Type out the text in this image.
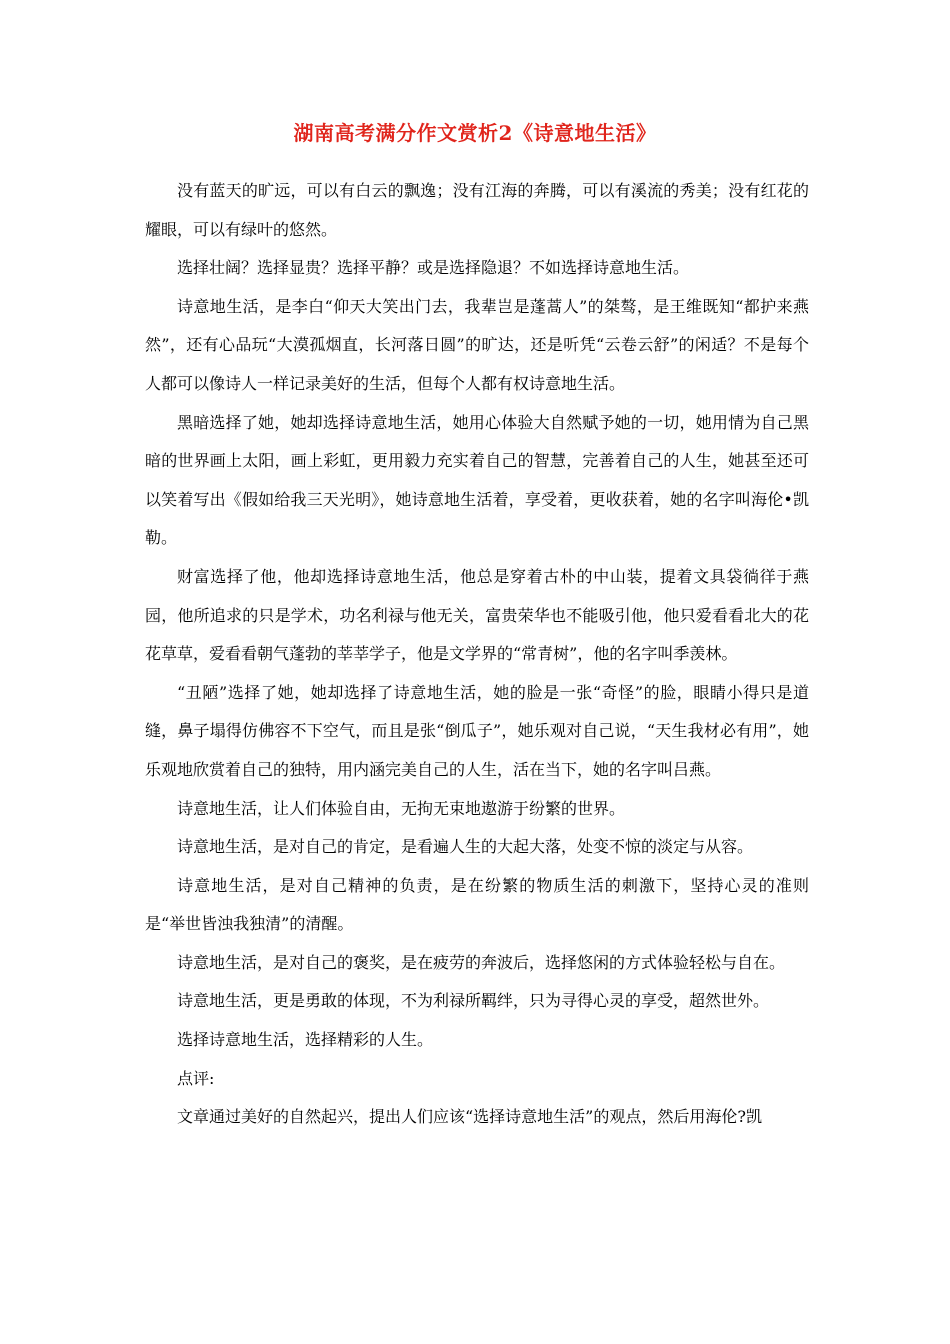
湖南高考满分作文赏析2《诗意地生活》

没有蓝天的旷远，可以有白云的飘逸；没有江海的奔腾，可以有溪流的秀美；没有红花的耀眼，可以有绿叶的悠然。

选择壮阔？选择显贵？选择平静？或是选择隐退？不如选择诗意地生活。

诗意地生活，是李白“仰天大笑出门去，我辈岂是蓬蒿人”的桀骜，是王维既知“都护来燕然”，还有心品玩“大漠孤烟直，长河落日圆”的旷达，还是听凭“云卷云舒”的闲适？不是每个人都可以像诗人一样记录美好的生活，但每个人都有权诗意地生活。

黑暗选择了她，她却选择诗意地生活，她用心体验大自然赋予她的一切，她用情为自己黑暗的世界画上太阳，画上彩虹，更用毅力充实着自己的智慧，完善着自己的人生，她甚至还可以笑着写出《假如给我三天光明》，她诗意地生活着，享受着，更收获着，她的名字叫海伦•凯勒。

财富选择了他，他却选择诗意地生活，他总是穿着古朴的中山装，提着文具袋徜徉于燕园，他所追求的只是学术，功名利禄与他无关，富贵荣华也不能吸引他，他只爱看看北大的花花草草，爱看看朝气蓬勃的莘莘学子，他是文学界的“常青树”，他的名字叫季羡林。

“丑陋”选择了她，她却选择了诗意地生活，她的脸是一张“奇怪”的脸，眼睛小得只是道缝，鼻子塌得仿佛容不下空气，而且是张“倒瓜子”，她乐观对自己说，“天生我材必有用”，她乐观地欣赏着自己的独特，用内涵完美自己的人生，活在当下，她的名字叫吕燕。

诗意地生活，让人们体验自由，无拘无束地遨游于纷繁的世界。

诗意地生活，是对自己的肯定，是看遍人生的大起大落，处变不惊的淡定与从容。

诗意地生活，是对自己精神的负责，是在纷繁的物质生活的刺激下，坚持心灵的准则是“举世皆浊我独清”的清醒。

诗意地生活，是对自己的褒奖，是在疲劳的奔波后，选择悠闲的方式体验轻松与自在。

诗意地生活，更是勇敢的体现，不为利禄所羁绊，只为寻得心灵的享受，超然世外。

选择诗意地生活，选择精彩的人生。

点评:

文章通过美好的自然起兴，提出人们应该“选择诗意地生活”的观点，然后用海伦?凯
